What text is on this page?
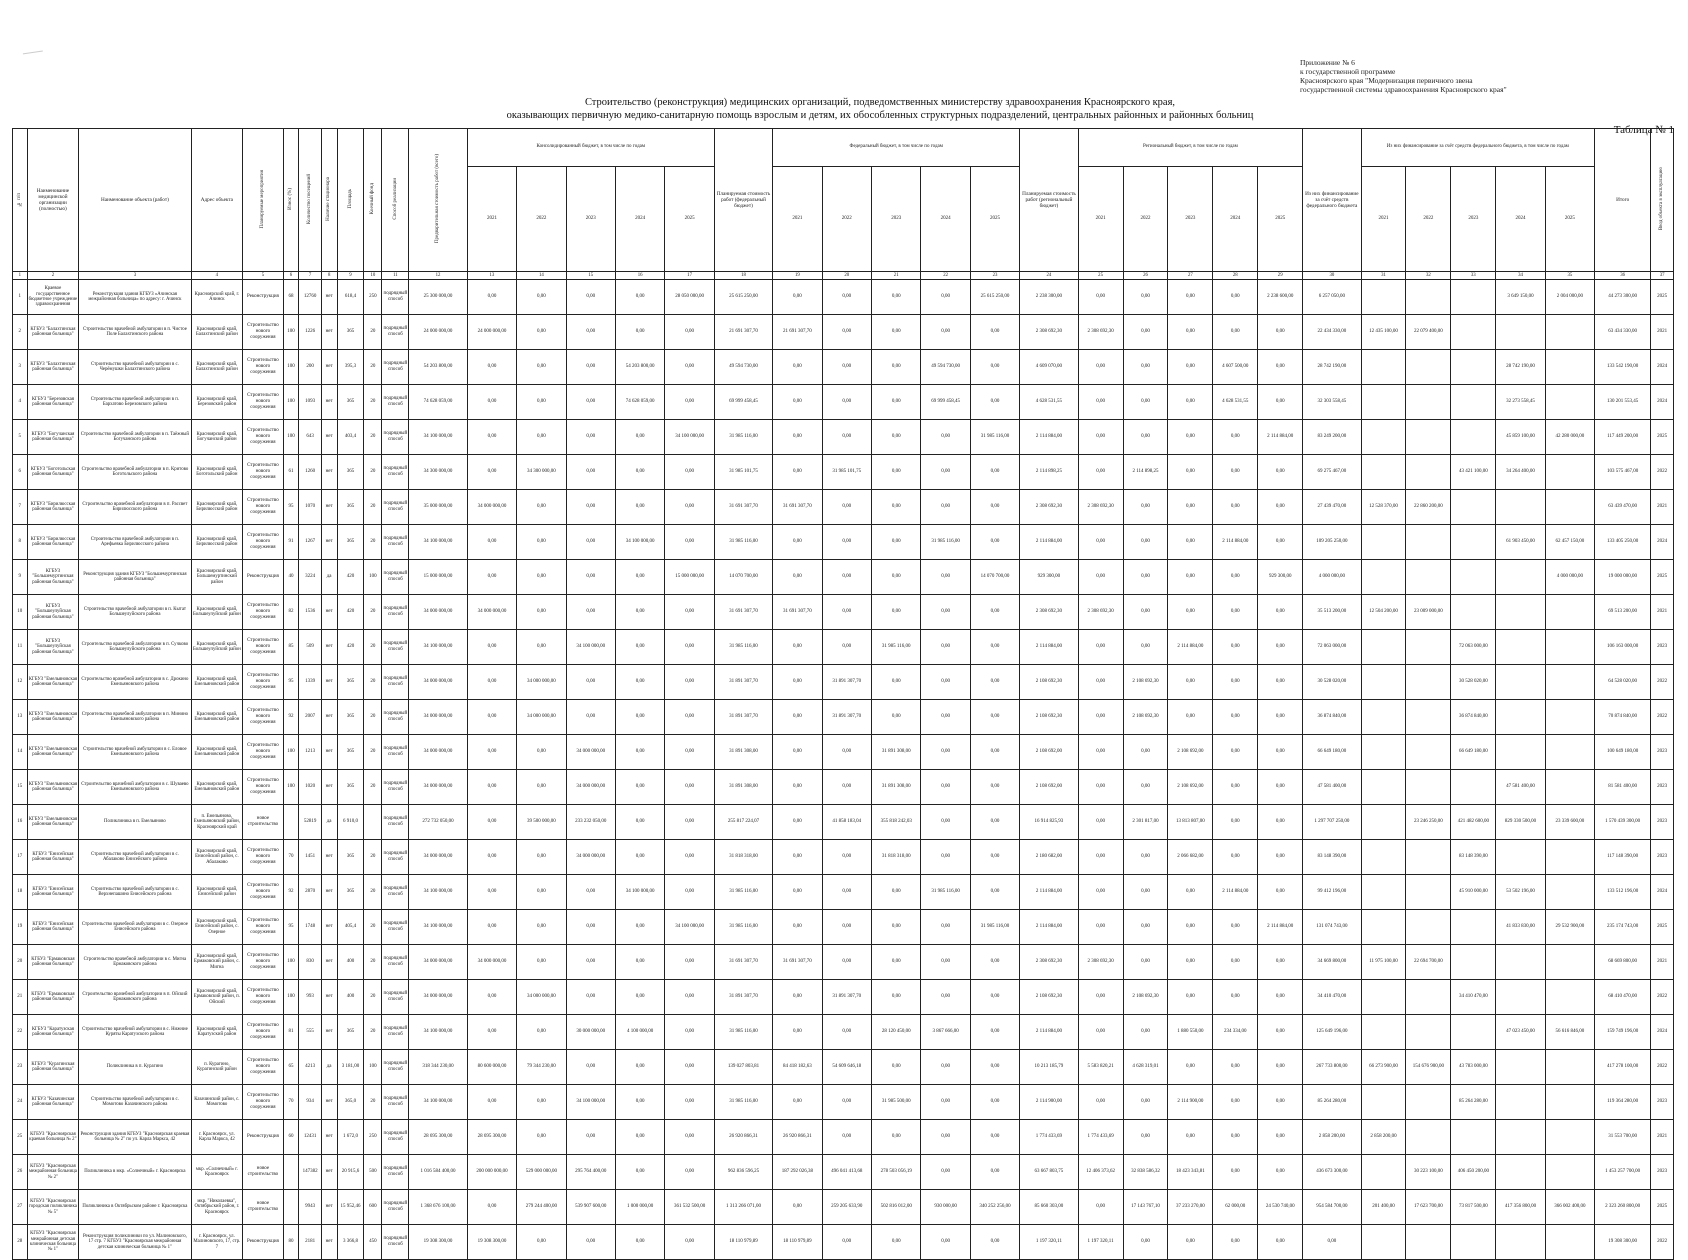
Приложение № 6
к государственной программе
Красноярского края "Модернизация первичного звена
государственной системы здравоохранения Красноярского края"
Строительство (реконструкция) медицинских организаций, подведомственных министерству здравоохранения Красноярского края,
оказывающих первичную медико-санитарную помощь взрослым и детям, их обособленных структурных подразделений, центральных районных и районных больниц
Таблица № 1
№ п/п	Наименование медицинской организации (полностью)	Наименование объекта (работ)	Адрес объекта	Планируемые мероприятия	Износ (%)	Количество посещений	Наличие стационара	Площадь	Коечный фонд	Способ реализации	Предварительная стоимость работ (всего)	Консолидированный бюджет, в том числе по годам					Планируемая стоимость работ (федеральный бюджет)	Федеральный бюджет, в том числе по годам					Планируемая стоимость работ (региональный бюджет)	Региональный бюджет, в том числе по годам					Из них финансирование за счёт средств федерального бюджета	Из них финансирование за счёт средств федерального бюджета, в том числе по годам					Итого	Ввод объекта в эксплуатацию
												2021	2022	2023	2024	2025		2021	2022	2023	2024	2025		2021	2022	2023	2024	2025		2021	2022	2023	2024	2025		
1	2	3	4	5	6	7	8	9	10	11	12	13	14	15	16	17	18	19	20	21	22	23	24	25	26	27	28	29	30	31	32	33	34	35	36	37
1	Краевое государственное бюджетное учреждение здравоохранения	Реконструкция здания КГБУЗ «Ачинская межрайонная больница» по адресу: г. Ачинск	Красноярский край, г. Ачинск	Реконструкция	68	12760	нет	618,4	250	подрядный способ	25 300 000,00	0,00	0,00	0,00	0,00	28 050 000,00	25 615 250,00	0,00	0,00	0,00	0,00	25 615 250,00	2 238 300,00	0,00	0,00	0,00	0,00	2 238 600,00	6 257 050,00				3 649 150,00	2 004 000,00	44 273 300,00	2025
2	КГБУЗ "Балахтинская районная больница"	Строительство врачебной амбулатории в п. Чистое Поле Балахтинского района	Красноярский край, Балахтинский район	Строительство нового сооружения	100	1226	нет	365	20	подрядный способ	24 000 000,00	24 000 000,00	0,00	0,00	0,00	0,00	21 691 307,70	21 691 307,70	0,00	0,00	0,00	0,00	2 308 692,30	2 308 692,30	0,00	0,00	0,00	0,00	22 434 330,00	12 435 100,00	22 079 400,00				63 434 330,00	2021
3	КГБУЗ "Балахтинская районная больница"	Строительство врачебной амбулатории в с. Черёмушки Балахтинского района	Красноярский край, Балахтинский район	Строительство нового сооружения	100	200	нет	395,3	20	подрядный способ	54 203 800,00	0,00	0,00	0,00	54 203 800,00	0,00	49 594 730,00	0,00	0,00	0,00	49 594 730,00	0,00	4 609 070,00	0,00	0,00	0,00	4 607 500,00	0,00	28 742 190,00				28 742 190,00		133 542 190,00	2024
4	КГБУЗ "Березовская районная больница"	Строительство врачебной амбулатории в п. Бархатово Березовского района	Красноярский край, Березовский район	Строительство нового сооружения	100	1093	нет	365	20	подрядный способ	74 628 059,00	0,00	0,00	0,00	74 628 059,00	0,00	69 999 458,45	0,00	0,00	0,00	69 999 458,45	0,00	4 628 531,55	0,00	0,00	0,00	4 628 531,55	0,00	32 303 558,45				32 273 558,45		130 201 553,45	2024
5	КГБУЗ "Богучанская районная больница"	Строительство врачебной амбулатории в п. Таёжный Богучанского района	Красноярский край, Богучанский район	Строительство нового сооружения	100	643	нет	403,4	20	подрядный способ	34 100 000,00	0,00	0,00	0,00	0,00	34 100 000,00	31 985 116,00	0,00	0,00	0,00	0,00	31 985 116,00	2 114 884,00	0,00	0,00	0,00	0,00	2 114 884,00	83 249 200,00				45 859 100,00	42 280 000,00	117 449 200,00	2025
6	КГБУЗ "Боготольская районная больница"	Строительство врачебной амбулатории в п. Критово Боготольского района	Красноярский край, Боготольский район	Строительство нового сооружения	61	1260	нет	365	20	подрядный способ	34 300 000,00	0,00	34 300 000,00	0,00	0,00	0,00	31 985 101,75	0,00	31 985 101,75	0,00	0,00	0,00	2 114 898,25	0,00	2 114 898,25	0,00	0,00	0,00	69 275 467,00			43 421 100,00	34 264 400,00		103 575 467,00	2022
7	КГБУЗ "Бирилюсская районная больница"	Строительство врачебной амбулатории в п. Рассвет Бирилюсского района	Красноярский край, Бирилюсский район	Строительство нового сооружения	95	1070	нет	365	20	подрядный способ	35 000 000,00	34 000 000,00	0,00	0,00	0,00	0,00	31 691 307,70	31 691 307,70	0,00	0,00	0,00	0,00	2 308 692,30	2 308 692,30	0,00	0,00	0,00	0,00	27 439 470,00	12 528 370,00	22 860 200,00				63 439 470,00	2021
8	КГБУЗ "Бирилюсская районная больница"	Строительство врачебной амбулатории в п. Арефьевка Бирилюсского района	Красноярский край, Бирилюсский район	Строительство нового сооружения	91	1267	нет	365	20	подрядный способ	34 100 000,00	0,00	0,00	0,00	34 100 000,00	0,00	31 985 116,00	0,00	0,00	0,00	31 985 116,00	0,00	2 114 884,00	0,00	0,00	0,00	2 114 884,00	0,00	109 205 250,00				61 903 450,00	62 457 150,00	133 405 250,00	2024
9	КГБУЗ "Большемуртинская районная больница"	Реконструкция здания КГБУЗ "Большемуртинская районная больница"	Красноярский край, Большемуртинский район	Реконструкция	40	3224	да	420	100	подрядный способ	15 000 000,00	0,00	0,00	0,00	0,00	15 000 000,00	14 070 700,00	0,00	0,00	0,00	0,00	14 070 700,00	929 300,00	0,00	0,00	0,00	0,00	929 300,00	4 000 000,00					4 000 000,00	19 000 000,00	2025
10	КГБУЗ "Большеулуйская районная больница"	Строительство врачебной амбулатории в п. Кытат Большеулуйского района	Красноярский край, Большеулуйский район	Строительство нового сооружения	82	1536	нет	420	20	подрядный способ	34 000 000,00	34 000 000,00	0,00	0,00	0,00	0,00	31 691 307,70	31 691 307,70	0,00	0,00	0,00	0,00	2 308 692,30	2 308 692,30	0,00	0,00	0,00	0,00	35 513 200,00	12 504 200,00	23 009 000,00				69 513 200,00	2021
11	КГБУЗ "Большеулуйская районная больница"	Строительство врачебной амбулатории в п. Сучково Большеулуйского района	Красноярский край, Большеулуйский район	Строительство нового сооружения	85	509	нет	420	20	подрядный способ	34 100 000,00	0,00	0,00	34 100 000,00	0,00	0,00	31 985 116,00	0,00	0,00	31 985 116,00	0,00	0,00	2 114 884,00	0,00	0,00	2 114 884,00	0,00	0,00	72 063 000,00			72 063 000,00			106 163 000,00	2023
12	КГБУЗ "Емельяновская районная больница"	Строительство врачебной амбулатории в с. Дрокино Емельяновского района	Красноярский край, Емельяновский район	Строительство нового сооружения	95	1339	нет	365	20	подрядный способ	34 000 000,00	0,00	34 000 000,00	0,00	0,00	0,00	31 891 307,70	0,00	31 891 307,70	0,00	0,00	0,00	2 108 692,30	0,00	2 108 692,30	0,00	0,00	0,00	30 528 020,00			30 528 020,00			64 528 020,00	2022
13	КГБУЗ "Емельяновская районная больница"	Строительство врачебной амбулатории в п. Минино Емельяновского района	Красноярский край, Емельяновский район	Строительство нового сооружения	92	2007	нет	365	20	подрядный способ	34 000 000,00	0,00	34 000 000,00	0,00	0,00	0,00	31 891 307,70	0,00	31 891 307,70	0,00	0,00	0,00	2 108 692,30	0,00	2 108 692,30	0,00	0,00	0,00	36 874 840,00			36 874 840,00			70 874 840,00	2022
14	КГБУЗ "Емельяновская районная больница"	Строительство врачебной амбулатории в с. Еловое Емельяновского района	Красноярский край, Емельяновский район	Строительство нового сооружения	100	1213	нет	365	20	подрядный способ	34 000 000,00	0,00	0,00	34 000 000,00	0,00	0,00	31 891 308,00	0,00	0,00	31 891 308,00	0,00	0,00	2 108 692,00	0,00	0,00	2 108 692,00	0,00	0,00	66 649 180,00			66 649 180,00			100 649 180,00	2023
15	КГБУЗ "Емельяновская районная больница"	Строительство врачебной амбулатории в с. Шуваево Емельяновского района	Красноярский край, Емельяновский район	Строительство нового сооружения	100	1020	нет	365	20	подрядный способ	34 000 000,00	0,00	0,00	34 000 000,00	0,00	0,00	31 891 308,00	0,00	0,00	31 891 308,00	0,00	0,00	2 108 692,00	0,00	0,00	2 108 692,00	0,00	0,00	47 581 400,00				47 581 400,00		81 581 400,00	2023
16	КГБУЗ "Емельяновская районная больница"	Поликлиника в п. Емельяново	п. Емельяново, Емельяновский район, Красноярский край	новое строительство		52819	да	6 910,0		подрядный способ	272 732 050,00	0,00	39 500 000,00	233 232 050,00	0,00	0,00	255 817 224,07	0,00	41 858 183,04	355 818 242,03	0,00	0,00	16 914 825,93	0,00	2 301 817,00	13 813 807,00	0,00	0,00	1 297 707 250,00		23 246 250,00	421 482 600,00	829 330 500,00	23 339 600,00	1 570 439 300,00	2023
17	КГБУЗ "Енисейская районная больница"	Строительство врачебной амбулатории в с. Абалаково Енисейского района	Красноярский край, Енисейский район, с. Абалаково	Строительство нового сооружения	70	1451	нет	365	20	подрядный способ	34 000 000,00	0,00	0,00	34 000 000,00	0,00	0,00	31 818 318,00	0,00	0,00	31 818 318,00	0,00	0,00	2 180 682,00	0,00	0,00	2 066 682,00	0,00	0,00	83 148 390,00			83 148 390,00			117 148 390,00	2023
18	КГБУЗ "Енисейская районная больница"	Строительство врачебной амбулатории в с. Верхнепашино Енисейского района	Красноярский край, Енисейский район	Строительство нового сооружения	92	2870	нет	365	20	подрядный способ	34 100 000,00	0,00	0,00	0,00	34 100 000,00	0,00	31 985 116,00	0,00	0,00	0,00	31 985 116,00	0,00	2 114 884,00	0,00	0,00	0,00	2 114 884,00	0,00	99 412 196,00			45 910 000,00	53 502 196,00		133 512 196,00	2024
19	КГБУЗ "Енисейская районная больница"	Строительство врачебной амбулатории в с. Озерное Енисейского района	Красноярский край, Енисейский район, с. Озерное	Строительство нового сооружения	95	1748	нет	405,4	20	подрядный способ	34 100 000,00	0,00	0,00	0,00	0,00	34 100 000,00	31 985 116,00	0,00	0,00	0,00	0,00	31 985 116,00	2 114 884,00	0,00	0,00	0,00	0,00	2 114 884,00	131 074 743,00				41 833 830,00	29 532 900,00	235 174 743,00	2025
20	КГБУЗ "Ермаковская районная больница"	Строительство врачебной амбулатории в с. Мигна Ермаковского района	Красноярский край, Ермаковский район, с. Мигна	Строительство нового сооружения	100	830	нет	400	20	подрядный способ	34 000 000,00	34 000 000,00	0,00	0,00	0,00	0,00	31 691 307,70	31 691 307,70	0,00	0,00	0,00	0,00	2 308 692,30	2 308 692,30	0,00	0,00	0,00	0,00	34 669 800,00	11 975 100,00	22 694 700,00				68 669 800,00	2021
21	КГБУЗ "Ермаковская районная больница"	Строительство врачебной амбулатории в п. Ойский Ермаковского района	Красноярский край, Ермаковский район, п. Ойский	Строительство нового сооружения	100	993	нет	400	20	подрядный способ	34 000 000,00	0,00	34 000 000,00	0,00	0,00	0,00	31 891 307,70	0,00	31 891 307,70	0,00	0,00	0,00	2 108 692,30	0,00	2 108 692,30	0,00	0,00	0,00	34 410 470,00			34 410 470,00			68 410 470,00	2022
22	КГБУЗ "Каратузская районная больница"	Строительство врачебной амбулатории в с. Нижние Куряты Каратузского района	Красноярский край, Каратузский район	Строительство нового сооружения	81	555	нет	365	20	подрядный способ	34 100 000,00	0,00	0,00	30 000 000,00	4 100 000,00	0,00	31 985 116,00	0,00	0,00	28 120 450,00	3 867 666,00	0,00	2 114 884,00	0,00	0,00	1 880 550,00	234 334,00	0,00	125 649 196,00				47 023 450,00	56 616 846,00	159 749 196,00	2024
23	КГБУЗ "Курагинская районная больница"	Поликлиника в п. Курагино	п. Курагино, Курагинский район	Строительство нового сооружения	65	4213	да	3 181,00	100	подрядный способ	318 344 230,00	80 600 000,00	79 344 230,00	0,00	0,00	0,00	139 027 803,81	84 418 182,63	54 609 646,18	0,00	0,00	0,00	10 213 185,79	5 583 820,21	4 628 319,01	0,00	0,00	0,00	267 733 800,00	66 273 900,00	154 676 900,00	43 783 000,00			417 278 100,00	2022
24	КГБУЗ "Казачинская районная больница"	Строительство врачебной амбулатории в с. Момотово Казачинского района	Казачинский район, с. Момотово	Строительство нового сооружения	70	934	нет	365,0	20	подрядный способ	34 100 000,00	0,00	0,00	34 100 000,00	0,00	0,00	31 985 116,00	0,00	0,00	31 985 500,00	0,00	0,00	2 114 900,00	0,00	0,00	2 114 900,00	0,00	0,00	85 264 280,00			85 264 280,00			119 364 280,00	2023
25	КГБУЗ "Красноярская краевая больница № 2"	Реконструкция здания КГБУЗ "Красноярская краевая больница № 2" по ул. Карла Маркса, 42	г. Красноярск, ул. Карла Маркса, 42	Реконструкция	60	12431	нет	1 672,0	250	подрядный способ	28 695 300,00	28 695 300,00	0,00	0,00	0,00	0,00	26 920 866,31	26 920 866,31	0,00	0,00	0,00	0,00	1 774 433,69	1 774 433,69	0,00	0,00	0,00	0,00	2 858 200,00	2 858 200,00					31 553 700,00	2021
26	КГБУЗ "Красноярская межрайонная больница № 2"	Поликлиника в мкр. «Солнечный» г. Красноярска	мкр. «Солнечный» г. Красноярск	новое строительство		147382	нет	20 915,6	500	подрядный способ	1 016 584 400,00	200 000 000,00	529 000 000,00	295 764 400,00	0,00	0,00	962 836 596,25	187 292 026,38	496 041 413,68	278 503 056,19	0,00	0,00	63 667 803,75	12 406 373,62	32 838 586,32	18 423 343,81	0,00	0,00	436 673 300,00		30 223 100,00	406 450 200,00			1 453 257 700,00	2023
27	КГБУЗ "Красноярская городская поликлиника № 5"	Поликлиника в Октябрьском районе г. Красноярска	мкр. "Николаевка", Октябрьский район, г. Красноярск	новое строительство		9943	нет	15 952,46	600	подрядный способ	1 368 676 100,00	0,00	279 244 400,00	539 907 600,00	1 000 000,00	361 532 500,00	1 313 266 071,00	0,00	259 205 633,90	502 816 012,00	930 000,00	340 252 256,00	85 660 303,00	0,00	17 143 767,10	37 233 270,00	62 000,00	24 530 740,00	954 584 700,00	201 400,00	17 623 700,00	73 817 500,00	417 356 800,00	366 002 400,00	2 323 260 800,00	2025
28	КГБУЗ "Красноярская межрайонная детская клиническая больница № 1"	Реконструкция поликлиники по ул. Малиновского, 17 стр. 7 КГБУЗ "Красноярская межрайонная детская клиническая больница № 1"	г. Красноярск, ул. Малиновского, 17, стр. 7	Реконструкция	80	2181	нет	3 366,8	450	подрядный способ	19 308 300,00	19 308 300,00	0,00	0,00	0,00	0,00	18 110 979,89	18 110 979,89	0,00	0,00	0,00	0,00	1 197 320,11	1 197 320,11	0,00	0,00	0,00	0,00	0,00						19 308 300,00	2022
